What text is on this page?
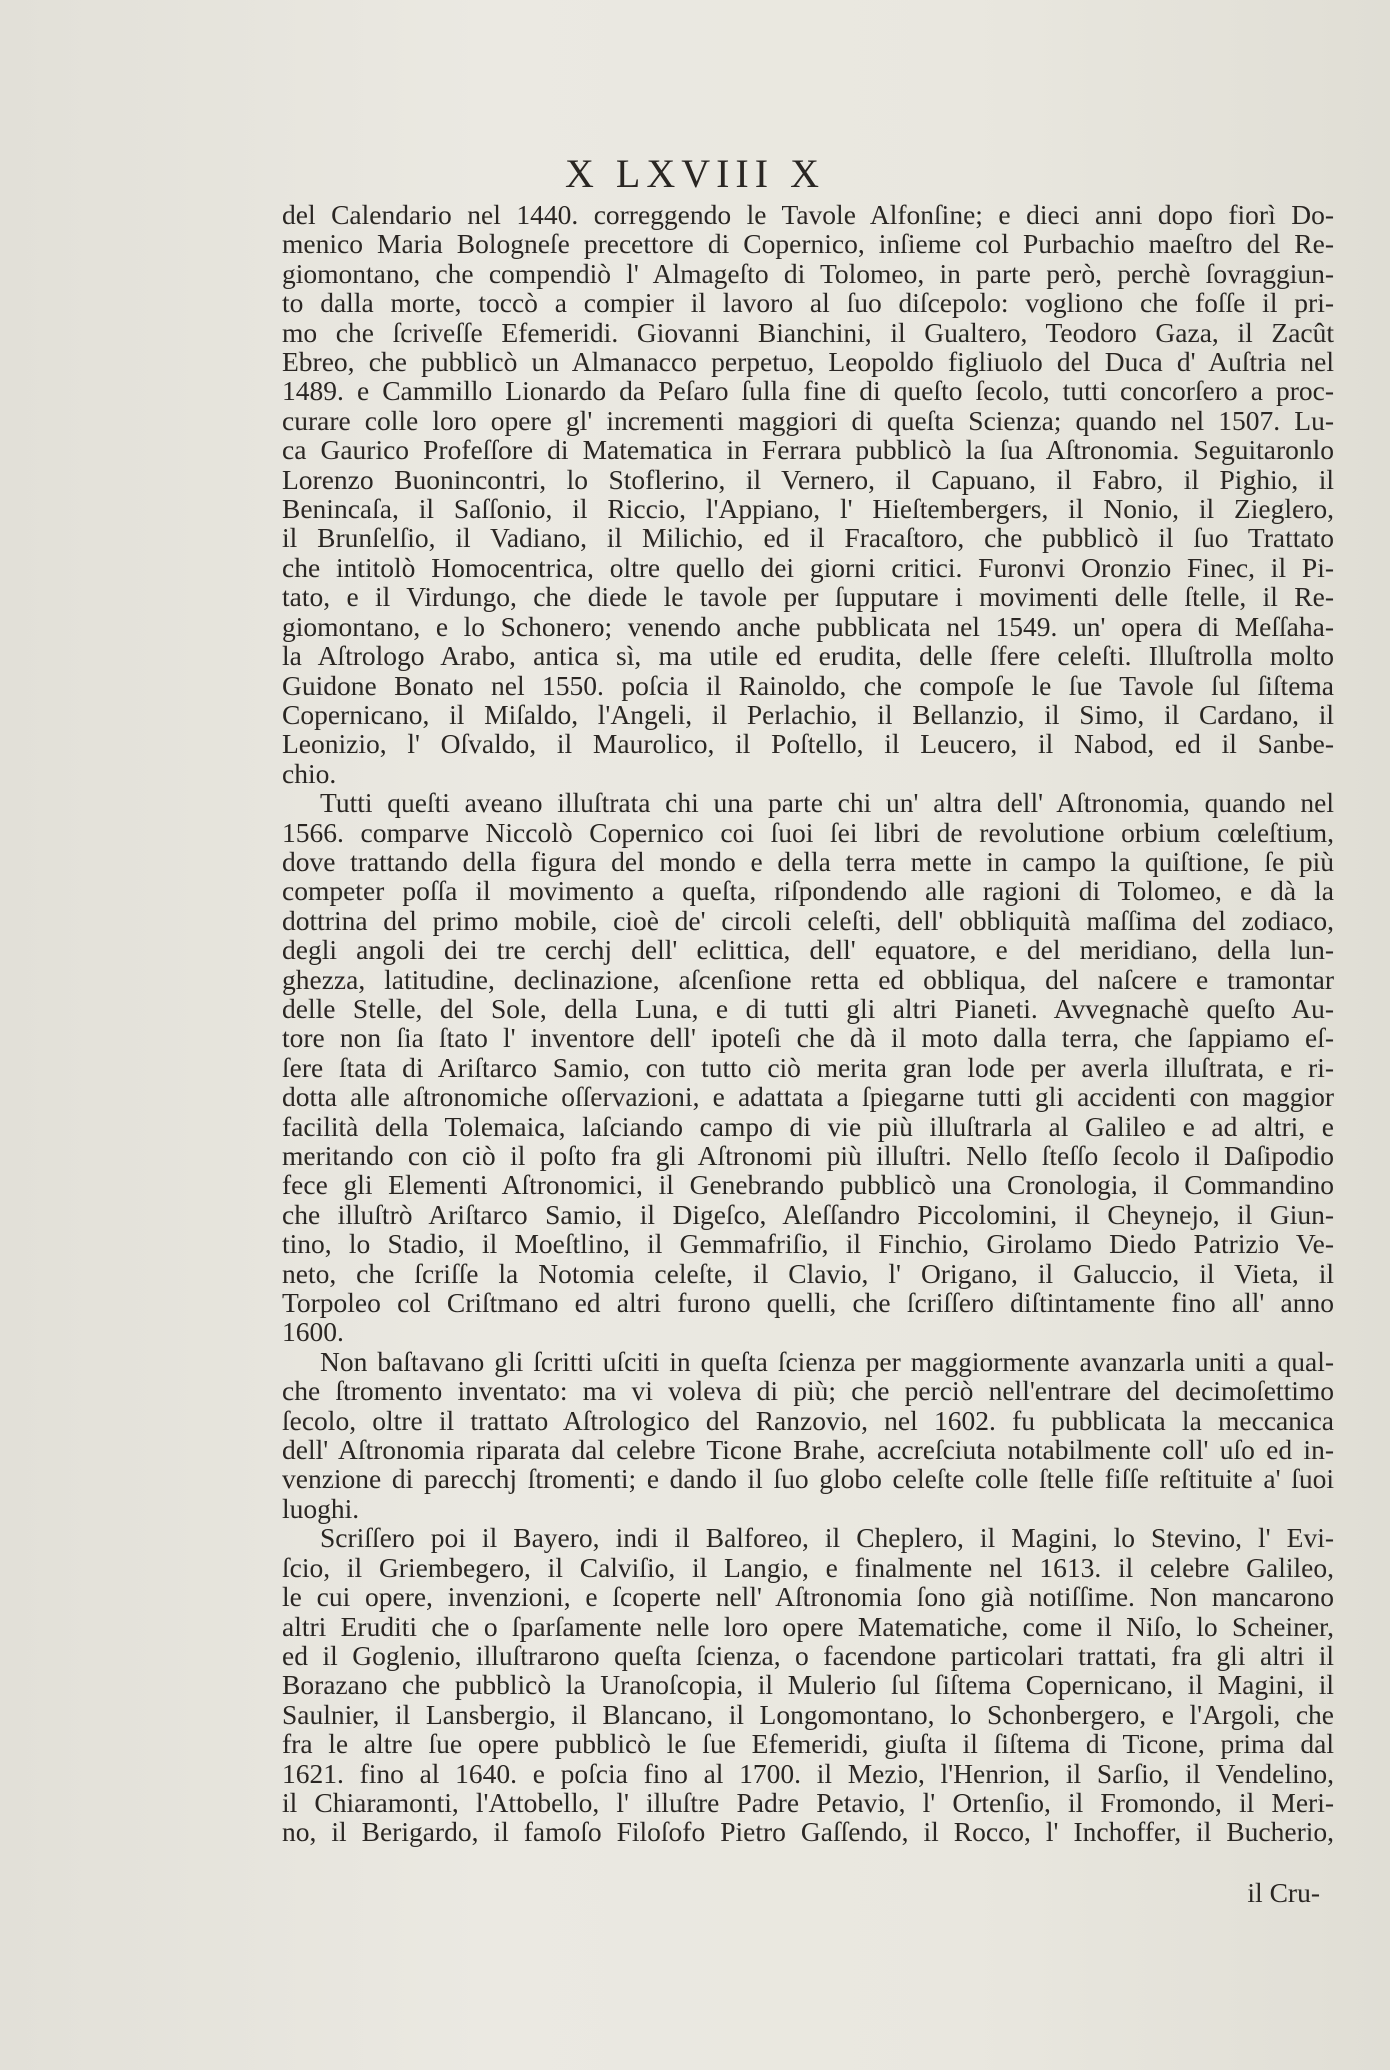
X LXVIII X
del Calendario nel 1440. correggendo le Tavole Alfonſine; e dieci anni dopo fiorì Do-
menico Maria Bologneſe precettore di Copernico, inſieme col Purbachio maeſtro del Re-
giomontano, che compendiò l' Almageſto di Tolomeo, in parte però, perchè ſovraggiun-
to dalla morte, toccò a compier il lavoro al ſuo diſcepolo: vogliono che foſſe il pri-
mo che ſcriveſſe Efemeridi. Giovanni Bianchini, il Gualtero, Teodoro Gaza, il Zacût
Ebreo, che pubblicò un Almanacco perpetuo, Leopoldo figliuolo del Duca d' Auſtria nel
1489. e Cammillo Lionardo da Peſaro ſulla fine di queſto ſecolo, tutti concorſero a proc-
curare colle loro opere gl' incrementi maggiori di queſta Scienza; quando nel 1507. Lu-
ca Gaurico Profeſſore di Matematica in Ferrara pubblicò la ſua Aſtronomia. Seguitaronlo
Lorenzo Buonincontri, lo Stoflerino, il Vernero, il Capuano, il Fabro, il Pighio, il
Benincaſa, il Saſſonio, il Riccio, l'Appiano, l' Hieſtembergers, il Nonio, il Zieglero,
il Brunſelſio, il Vadiano, il Milichio, ed il Fracaſtoro, che pubblicò il ſuo Trattato
che intitolò Homocentrica, oltre quello dei giorni critici. Furonvi Oronzio Finec, il Pi-
tato, e il Virdungo, che diede le tavole per ſupputare i movimenti delle ſtelle, il Re-
giomontano, e lo Schonero; venendo anche pubblicata nel 1549. un' opera di Meſſaha-
la Aſtrologo Arabo, antica sì, ma utile ed erudita, delle ſfere celeſti. Illuſtrolla molto
Guidone Bonato nel 1550. poſcia il Rainoldo, che compoſe le ſue Tavole ſul ſiſtema
Copernicano, il Miſaldo, l'Angeli, il Perlachio, il Bellanzio, il Simo, il Cardano, il
Leonizio, l' Oſvaldo, il Maurolico, il Poſtello, il Leucero, il Nabod, ed il Sanbe-
chio.
Tutti queſti aveano illuſtrata chi una parte chi un' altra dell' Aſtronomia, quando nel
1566. comparve Niccolò Copernico coi ſuoi ſei libri de revolutione orbium cœleſtium,
dove trattando della figura del mondo e della terra mette in campo la quiſtione, ſe più
competer poſſa il movimento a queſta, riſpondendo alle ragioni di Tolomeo, e dà la
dottrina del primo mobile, cioè de' circoli celeſti, dell' obbliquità maſſima del zodiaco,
degli angoli dei tre cerchj dell' eclittica, dell' equatore, e del meridiano, della lun-
ghezza, latitudine, declinazione, aſcenſione retta ed obbliqua, del naſcere e tramontar
delle Stelle, del Sole, della Luna, e di tutti gli altri Pianeti. Avvegnachè queſto Au-
tore non ſia ſtato l' inventore dell' ipoteſi che dà il moto dalla terra, che ſappiamo eſ-
ſere ſtata di Ariſtarco Samio, con tutto ciò merita gran lode per averla illuſtrata, e ri-
dotta alle aſtronomiche oſſervazioni, e adattata a ſpiegarne tutti gli accidenti con maggior
facilità della Tolemaica, laſciando campo di vie più illuſtrarla al Galileo e ad altri, e
meritando con ciò il poſto fra gli Aſtronomi più illuſtri. Nello ſteſſo ſecolo il Daſipodio
fece gli Elementi Aſtronomici, il Genebrando pubblicò una Cronologia, il Commandino
che illuſtrò Ariſtarco Samio, il Digeſco, Aleſſandro Piccolomini, il Cheynejo, il Giun-
tino, lo Stadio, il Moeſtlino, il Gemmafriſio, il Finchio, Girolamo Diedo Patrizio Ve-
neto, che ſcriſſe la Notomia celeſte, il Clavio, l' Origano, il Galuccio, il Vieta, il
Torpoleo col Criſtmano ed altri furono quelli, che ſcriſſero diſtintamente fino all' anno
1600.
Non baſtavano gli ſcritti uſciti in queſta ſcienza per maggiormente avanzarla uniti a qual-
che ſtromento inventato: ma vi voleva di più; che perciò nell'entrare del decimoſettimo
ſecolo, oltre il trattato Aſtrologico del Ranzovio, nel 1602. fu pubblicata la meccanica
dell' Aſtronomia riparata dal celebre Ticone Brahe, accreſciuta notabilmente coll' uſo ed in-
venzione di parecchj ſtromenti; e dando il ſuo globo celeſte colle ſtelle fiſſe reſtituite a' ſuoi
luoghi.
Scriſſero poi il Bayero, indi il Balforeo, il Cheplero, il Magini, lo Stevino, l' Evi-
ſcio, il Griembegero, il Calviſio, il Langio, e finalmente nel 1613. il celebre Galileo,
le cui opere, invenzioni, e ſcoperte nell' Aſtronomia ſono già notiſſime. Non mancarono
altri Eruditi che o ſparſamente nelle loro opere Matematiche, come il Niſo, lo Scheiner,
ed il Goglenio, illuſtrarono queſta ſcienza, o facendone particolari trattati, fra gli altri il
Borazano che pubblicò la Uranoſcopia, il Mulerio ſul ſiſtema Copernicano, il Magini, il
Saulnier, il Lansbergio, il Blancano, il Longomontano, lo Schonbergero, e l'Argoli, che
fra le altre ſue opere pubblicò le ſue Efemeridi, giuſta il ſiſtema di Ticone, prima dal
1621. fino al 1640. e poſcia fino al 1700. il Mezio, l'Henrion, il Sarſio, il Vendelino,
il Chiaramonti, l'Attobello, l' illuſtre Padre Petavio, l' Ortenſio, il Fromondo, il Meri-
no, il Berigardo, il famoſo Filoſofo Pietro Gaſſendo, il Rocco, l' Inchoffer, il Bucherio,
il Cru-
